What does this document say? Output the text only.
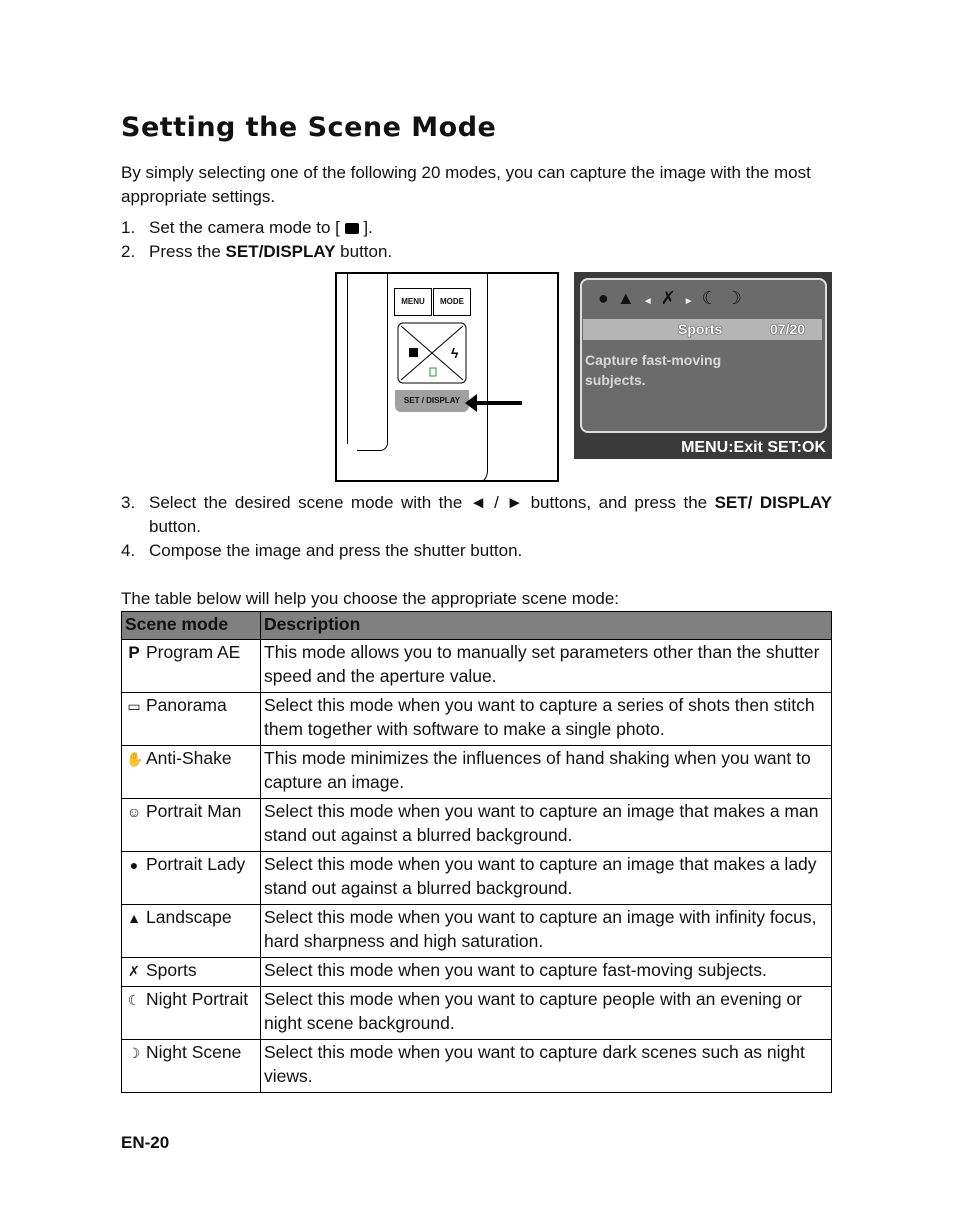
Setting the Scene Mode

By simply selecting one of the following 20 modes, you can capture the image with the most appropriate settings.

1. Set the camera mode to [ ].
2. Press the SET/DISPLAY button.
MENU	MODE
ϟ
SET / DISPLAY
●▲◄✗►☾☽
Sports	07/20
Capture fast-moving subjects.
MENU:Exit SET:OK
3. Select the desired scene mode with the ◄ / ► buttons, and press the SET/ DISPLAY button.
4. Compose the image and press the shutter button.

The table below will help you choose the appropriate scene mode:

Scene mode	Description
P Program AE	This mode allows you to manually set parameters other than the shutter speed and the aperture value.
▭ Panorama	Select this mode when you want to capture a series of shots then stitch them together with software to make a single photo.
✋ Anti-Shake	This mode minimizes the influences of hand shaking when you want to capture an image.
☺ Portrait Man	Select this mode when you want to capture an image that makes a man stand out against a blurred background.
● Portrait Lady	Select this mode when you want to capture an image that makes a lady stand out against a blurred background.
▲ Landscape	Select this mode when you want to capture an image with infinity focus, hard sharpness and high saturation.
✗ Sports	Select this mode when you want to capture fast-moving subjects.
☾ Night Portrait	Select this mode when you want to capture people with an evening or night scene background.
☽ Night Scene	Select this mode when you want to capture dark scenes such as night views.
EN-20
